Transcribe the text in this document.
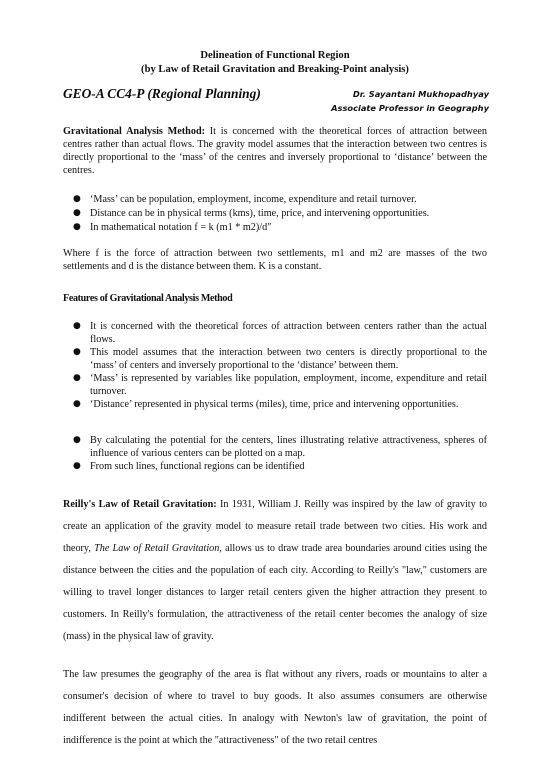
Delineation of Functional Region
(by Law of Retail Gravitation and Breaking-Point analysis)
GEO-A CC4-P (Regional Planning)	Dr. Sayantani Mukhopadhyay
Associate Professor in Geography
Gravitational Analysis Method: It is concerned with the theoretical forces of attraction between centres rather than actual flows. The gravity model assumes that the interaction between two centres is directly proportional to the ‘mass’ of the centres and inversely proportional to ‘distance’ between the centres.
● ‘Mass’ can be population, employment, income, expenditure and retail turnover.
● Distance can be in physical terms (kms), time, price, and intervening opportunities.
● In mathematical notation f = k (m1 * m2)/d″
Where f is the force of attraction between two settlements, m1 and m2 are masses of the two settlements and d is the distance between them. K is a constant.
Features of Gravitational Analysis Method
● It is concerned with the theoretical forces of attraction between centers rather than the actual flows.
● This model assumes that the interaction between two centers is directly proportional to the ‘mass’ of centers and inversely proportional to the ‘distance’ between them.
● ‘Mass’ is represented by variables like population, employment, income, expenditure and retail turnover.
● ‘Distance’ represented in physical terms (miles), time, price and intervening opportunities.
● By calculating the potential for the centers, lines illustrating relative attractiveness, spheres of influence of various centers can be plotted on a map.
● From such lines, functional regions can be identified
Reilly's Law of Retail Gravitation: In 1931, William J. Reilly was inspired by the law of gravity to create an application of the gravity model to measure retail trade between two cities. His work and theory, The Law of Retail Gravitation, allows us to draw trade area boundaries around cities using the distance between the cities and the population of each city. According to Reilly's "law," customers are willing to travel longer distances to larger retail centers given the higher attraction they present to customers. In Reilly's formulation, the attractiveness of the retail center becomes the analogy of size (mass) in the physical law of gravity.
The law presumes the geography of the area is flat without any rivers, roads or mountains to alter a consumer's decision of where to travel to buy goods. It also assumes consumers are otherwise indifferent between the actual cities. In analogy with Newton's law of gravitation, the point of indifference is the point at which the "attractiveness" of the two retail centres
